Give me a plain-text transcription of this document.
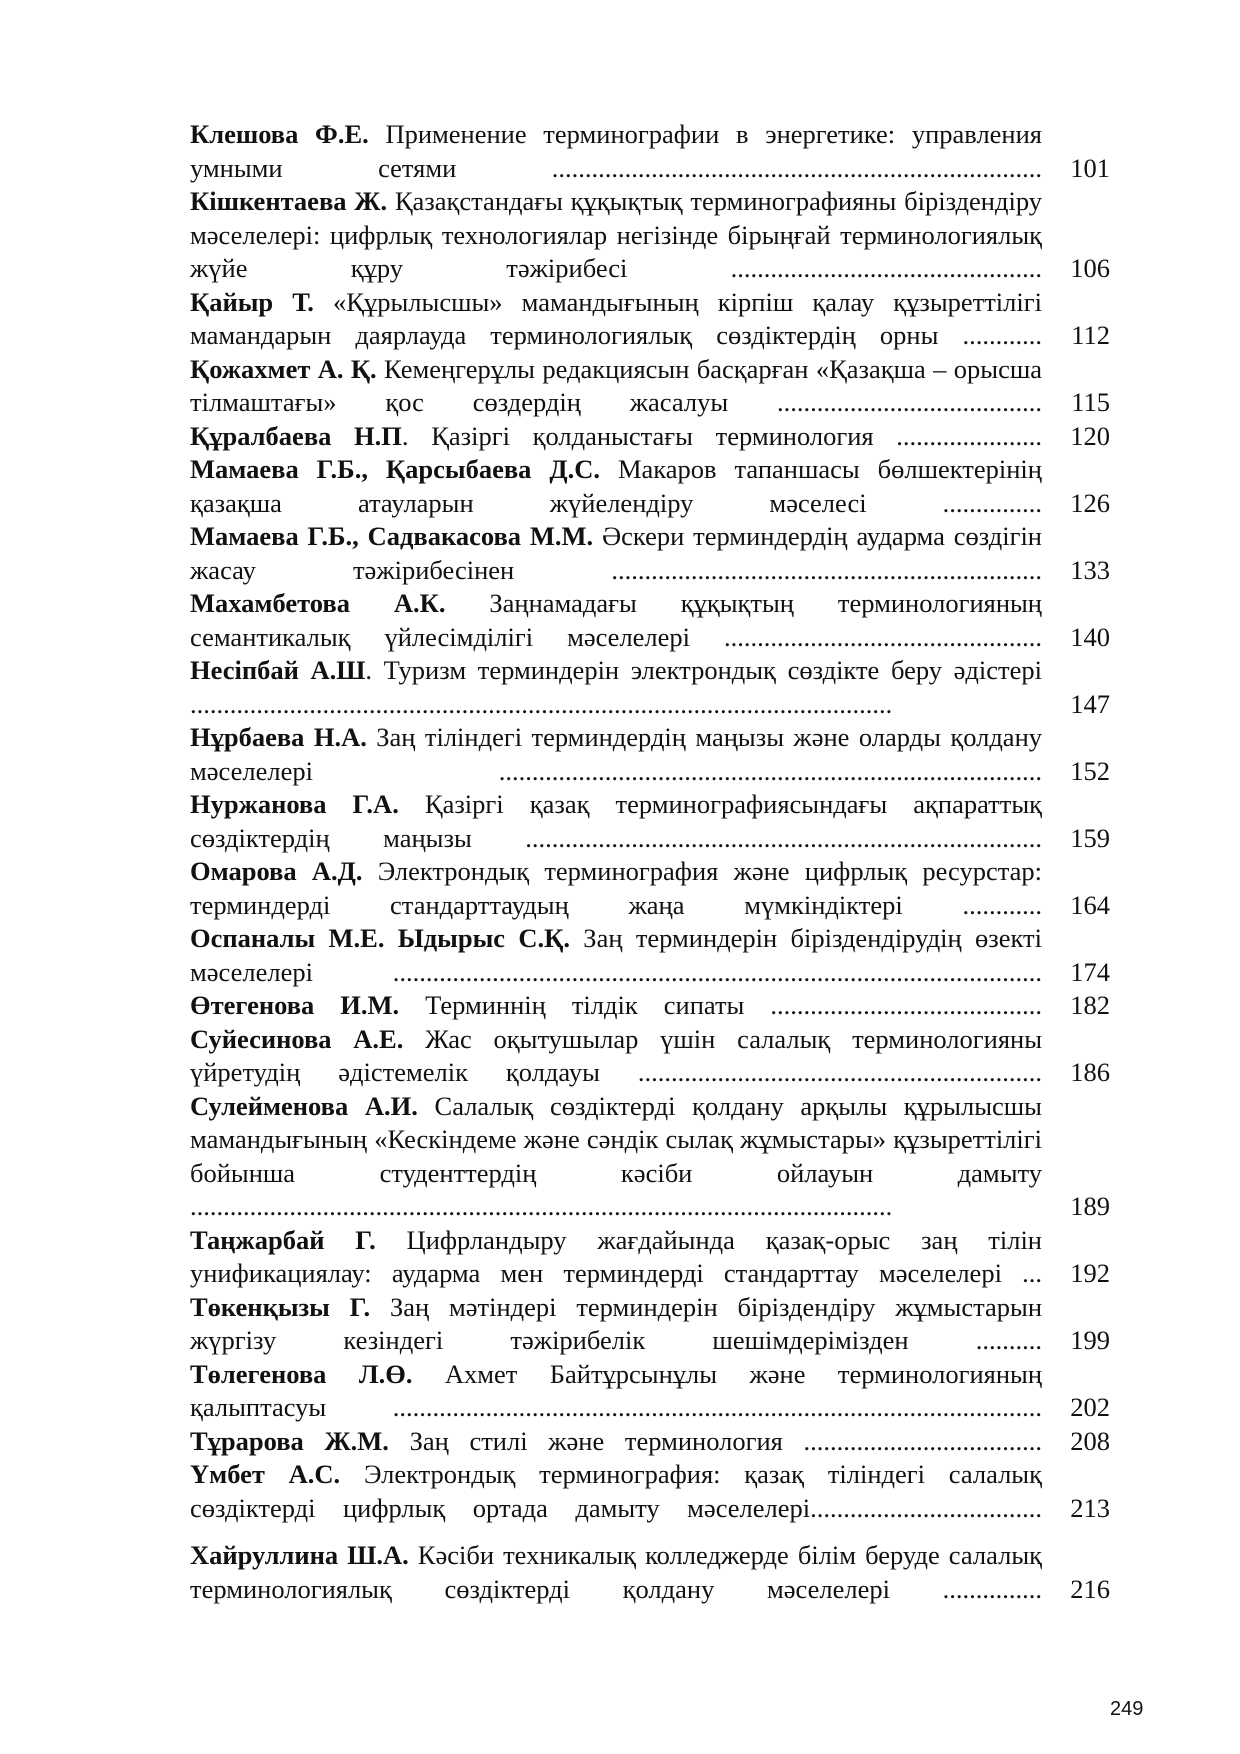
Клешова Ф.Е. Применение терминографии в энергетике: управления умными сетями ..........................................................................	101
Кішкентаева Ж. Қазақстандағы құқықтық терминографияны біріздендіру мәселелері: цифрлық технологиялар негізінде бірыңғай терминологиялық жүйе құру тәжірибесі ...............................................	106
Қайыр Т. «Құрылысшы» мамандығының кірпіш қалау құзыреттілігі мамандарын даярлауда терминологиялық сөздіктердің орны ............	112
Қожахмет А. Қ. Кемеңгерұлы редакциясын басқарған «Қазақша – орысша тілмаштағы» қос сөздердің жасалуы ........................................	115
Құралбаева Н.П. Қазіргі қолданыстағы терминология ......................	120
Мамаева Г.Б., Қарсыбаева Д.С. Макаров тапаншасы бөлшектерінің қазақша атауларын жүйелендіру мәселесі ...............	126
Мамаева Г.Б., Садвакасова М.М. Әскери терминдердің аударма сөздігін жасау тәжірибесінен .................................................................	133
Махамбетова А.К. Заңнамадағы құқықтың терминологияның семантикалық үйлесімділігі мәселелері ................................................	140
Несіпбай А.Ш. Туризм терминдерін электрондық сөздікте беру әдістері ..........................................................................................................	147
Нұрбаева Н.А. Заң тіліндегі терминдердің маңызы және оларды қолдану мәселелері ..................................................................................	152
Нуржанова Г.А. Қазіргі қазақ терминографиясындағы ақпараттық сөздіктердің маңызы ..............................................................................	159
Омарова А.Д. Электрондық терминография және цифрлық ресурстар: терминдерді стандарттаудың жаңа мүмкіндіктері ............	164
Оспаналы М.Е. Ыдырыс С.Қ. Заң терминдерін біріздендірудің өзекті мәселелері ..................................................................................................	174
Өтегенова И.М. Терминнің тілдік сипаты .........................................	182
Суйесинова А.Е. Жас оқытушылар үшін салалық терминологияны үйретудің әдістемелік қолдауы .............................................................	186
Сулейменова А.И. Салалық сөздіктерді қолдану арқылы құрылысшы мамандығының «Кескіндеме және сәндік сылақ жұмыстары» құзыреттілігі бойынша студенттердің кәсіби ойлауын дамыту ..........................................................................................................	189
Таңжарбай Г. Цифрландыру жағдайында қазақ-орыс заң тілін унификациялау: аударма мен терминдерді стандарттау мәселелері ...	192
Төкенқызы Г. Заң мәтіндері терминдерін біріздендіру жұмыстарын жүргізу кезіндегі тәжірибелік шешімдерімізден ..........	199
Төлегенова Л.Ө. Ахмет Байтұрсынұлы және терминологияның қалыптасуы ..................................................................................................	202
Тұрарова Ж.М. Заң стилі және терминология ....................................	208
Үмбет А.С. Электрондық терминография: қазақ тіліндегі салалық сөздіктерді цифрлық ортада дамыту мәселелері...................................	213
Хайруллина Ш.А. Кәсіби техникалық колледжерде білім беруде салалық терминологиялық сөздіктерді қолдану мәселелері ...............	216
249
